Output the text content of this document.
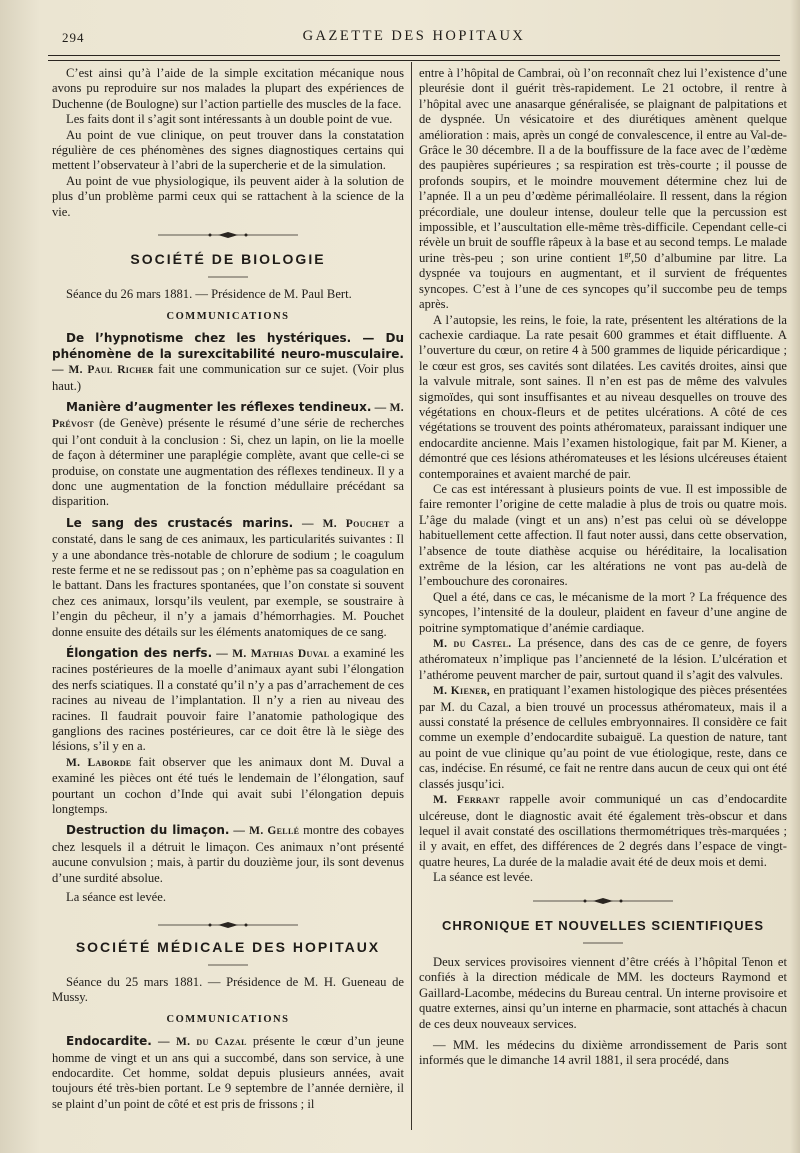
294	GAZETTE DES HOPITAUX

C’est ainsi qu’à l’aide de la simple excitation mécanique nous avons pu reproduire sur nos malades la plupart des expériences de Duchenne (de Boulogne) sur l’action partielle des muscles de la face.

Les faits dont il s’agit sont intéressants à un double point de vue.

Au point de vue clinique, on peut trouver dans la constatation régulière de ces phénomènes des signes diagnostiques certains qui mettent l’observateur à l’abri de la supercherie et de la simulation.

Au point de vue physiologique, ils peuvent aider à la solution de plus d’un problème parmi ceux qui se rattachent à la science de la vie.

SOCIÉTÉ DE BIOLOGIE

Séance du 26 mars 1881. — Présidence de M. Paul Bert.

COMMUNICATIONS

De l’hypnotisme chez les hystériques. — Du phénomène de la surexcitabilité neuro-musculaire. — M. Paul Richer fait une communication sur ce sujet. (Voir plus haut.)

Manière d’augmenter les réflexes tendineux. — M. Prévost (de Genève) présente le résumé d’une série de recherches qui l’ont conduit à la conclusion : Si, chez un lapin, on lie la moelle de façon à déterminer une paraplégie complète, avant que celle-ci se produise, on constate une augmentation des réflexes tendineux. Il y a donc une augmentation de la fonction médullaire précédant sa disparition.

Le sang des crustacés marins. — M. Pouchet a constaté, dans le sang de ces animaux, les particularités suivantes : Il y a une abondance très-notable de chlorure de sodium ; le coagulum reste ferme et ne se redissout pas ; on n’ephème pas sa coagulation en le battant. Dans les fractures spontanées, que l’on constate si souvent chez ces animaux, lorsqu’ils veulent, par exemple, se soustraire à l’engin du pêcheur, il n’y a jamais d’hémorrhagies. M. Pouchet donne ensuite des détails sur les éléments anatomiques de ce sang.

Élongation des nerfs. — M. Mathias Duval a examiné les racines postérieures de la moelle d’animaux ayant subi l’élongation des nerfs sciatiques. Il a constaté qu’il n’y a pas d’arrachement de ces racines au niveau de l’implantation. Il n’y a rien au niveau des racines. Il faudrait pouvoir faire l’anatomie pathologique des ganglions des racines postérieures, car ce doit être là le siège des lésions, s’il y en a.

M. Laborde fait observer que les animaux dont M. Duval a examiné les pièces ont été tués le lendemain de l’élongation, sauf pourtant un cochon d’Inde qui avait subi l’élongation depuis longtemps.

Destruction du limaçon. — M. Gellé montre des cobayes chez lesquels il a détruit le limaçon. Ces animaux n’ont présenté aucune convulsion ; mais, à partir du douzième jour, ils sont devenus d’une surdité absolue.

La séance est levée.

SOCIÉTÉ MÉDICALE DES HOPITAUX

Séance du 25 mars 1881. — Présidence de M. H. Gueneau de Mussy.

COMMUNICATIONS

Endocardite. — M. du Cazal présente le cœur d’un jeune homme de vingt et un ans qui a succombé, dans son service, à une endocardite. Cet homme, soldat depuis plusieurs années, avait toujours été très-bien portant. Le 9 septembre de l’année dernière, il se plaint d’un point de côté et est pris de frissons ; il

entre à l’hôpital de Cambrai, où l’on reconnaît chez lui l’existence d’une pleurésie dont il guérit très-rapidement. Le 21 octobre, il rentre à l’hôpital avec une anasarque généralisée, se plaignant de palpitations et de dyspnée. Un vésicatoire et des diurétiques amènent quelque amélioration : mais, après un congé de convalescence, il entre au Val-de-Grâce le 30 décembre. Il a de la bouffissure de la face avec de l’œdème des paupières supérieures ; sa respiration est très-courte ; il pousse de profonds soupirs, et le moindre mouvement détermine chez lui de l’apnée. Il a un peu d’œdème périmalléolaire. Il ressent, dans la région précordiale, une douleur intense, douleur telle que la percussion est impossible, et l’auscultation elle-même très-difficile. Cependant celle-ci révèle un bruit de souffle râpeux à la base et au second temps. Le malade urine très-peu ; son urine contient $1^{gr},50$ d’albumine par litre. La dyspnée va toujours en augmentant, et il survient de fréquentes syncopes. C’est à l’une de ces syncopes qu’il succombe peu de temps après.

A l’autopsie, les reins, le foie, la rate, présentent les altérations de la cachexie cardiaque. La rate pesait 600 grammes et était diffluente. A l’ouverture du cœur, on retire 4 à 500 grammes de liquide péricardique ; le cœur est gros, ses cavités sont dilatées. Les cavités droites, ainsi que la valvule mitrale, sont saines. Il n’en est pas de même des valvules sigmoïdes, qui sont insuffisantes et au niveau desquelles on trouve des végétations en choux-fleurs et de petites ulcérations. A côté de ces végétations se trouvent des points athéromateux, paraissant indiquer une endocardite ancienne. Mais l’examen histologique, fait par M. Kiener, a démontré que ces lésions athéromateuses et les lésions ulcéreuses étaient contemporaines et avaient marché de pair.

Ce cas est intéressant à plusieurs points de vue. Il est impossible de faire remonter l’origine de cette maladie à plus de trois ou quatre mois. L’âge du malade (vingt et un ans) n’est pas celui où se développe habituellement cette affection. Il faut noter aussi, dans cette observation, l’absence de toute diathèse acquise ou héréditaire, la localisation extrême de la lésion, car les altérations ne vont pas au-delà de l’embouchure des coronaires.

Quel a été, dans ce cas, le mécanisme de la mort ? La fréquence des syncopes, l’intensité de la douleur, plaident en faveur d’une angine de poitrine symptomatique d’anémie cardiaque.

M. du Castel. La présence, dans des cas de ce genre, de foyers athéromateux n’implique pas l’ancienneté de la lésion. L’ulcération et l’athérome peuvent marcher de pair, surtout quand il s’agit des valvules.

M. Kiener, en pratiquant l’examen histologique des pièces présentées par M. du Cazal, a bien trouvé un processus athéromateux, mais il a aussi constaté la présence de cellules embryonnaires. Il considère ce fait comme un exemple d’endocardite subaiguë. La question de nature, tant au point de vue clinique qu’au point de vue étiologique, reste, dans ce cas, indécise. En résumé, ce fait ne rentre dans aucun de ceux qui ont été classés jusqu’ici.

M. Ferrant rappelle avoir communiqué un cas d’endocardite ulcéreuse, dont le diagnostic avait été également très-obscur et dans lequel il avait constaté des oscillations thermométriques très-marquées ; il y avait, en effet, des différences de 2 degrés dans l’espace de vingt-quatre heures, La durée de la maladie avait été de deux mois et demi.

La séance est levée.

CHRONIQUE ET NOUVELLES SCIENTIFIQUES

Deux services provisoires viennent d’être créés à l’hôpital Tenon et confiés à la direction médicale de MM. les docteurs Raymond et Gaillard-Lacombe, médecins du Bureau central. Un interne provisoire et quatre externes, ainsi qu’un interne en pharmacie, sont attachés à chacun de ces deux nouveaux services.

— MM. les médecins du dixième arrondissement de Paris sont informés que le dimanche 14 avril 1881, il sera procédé, dans
